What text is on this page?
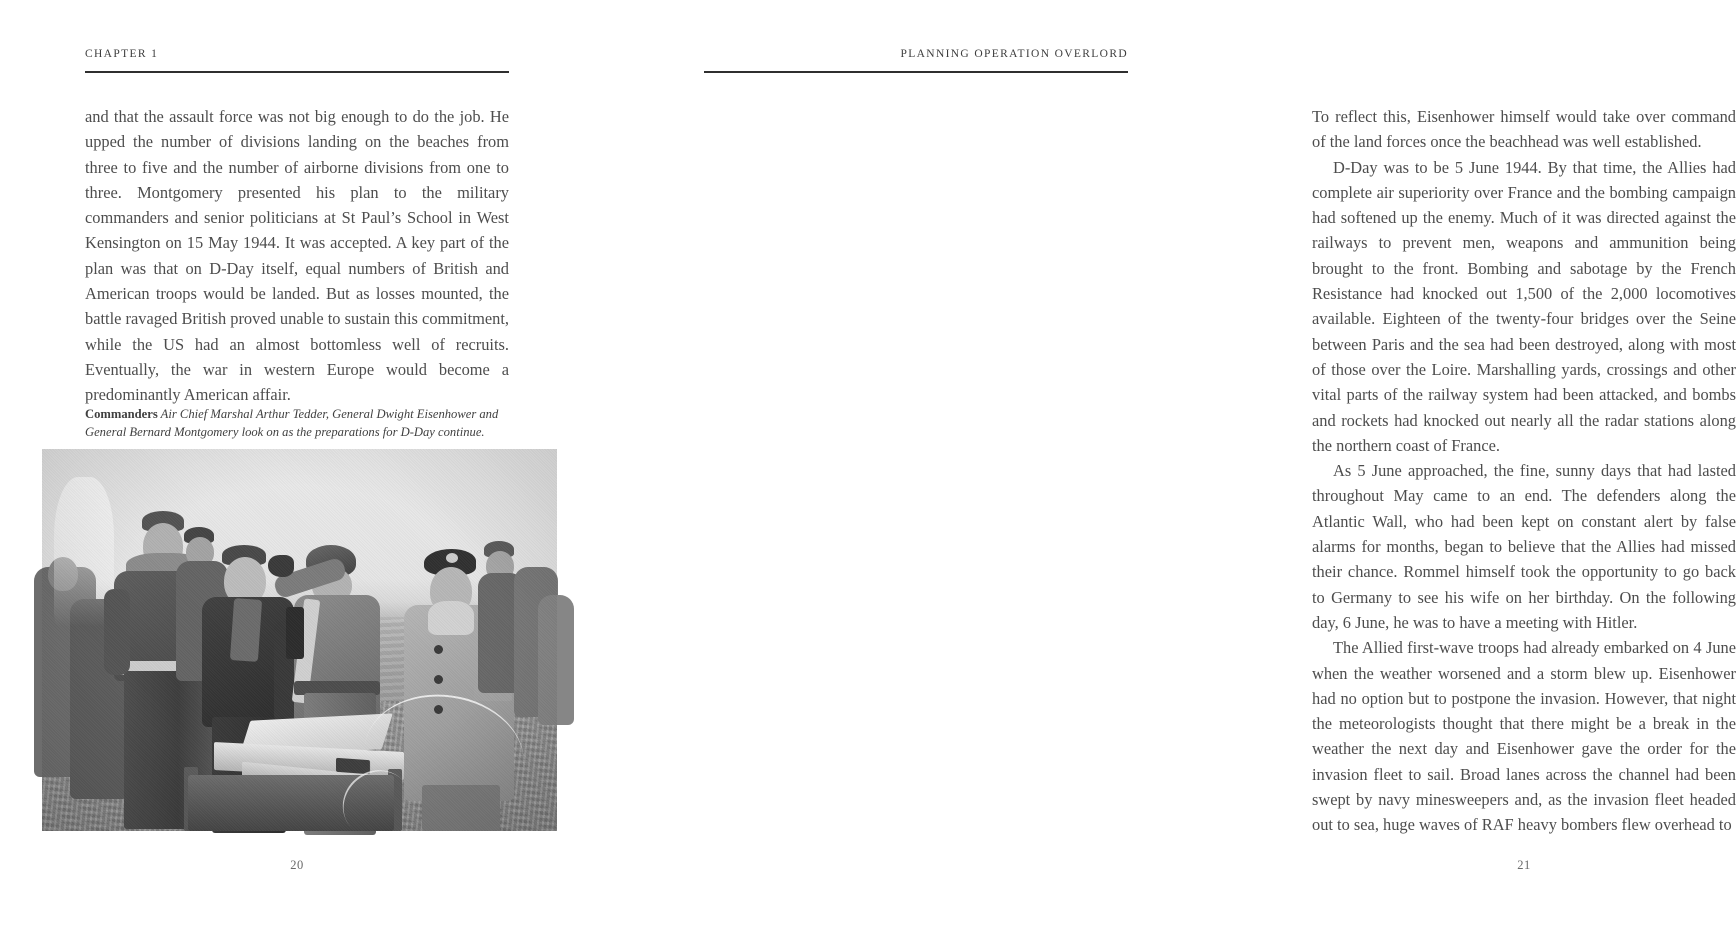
CHAPTER 1

and that the assault force was not big enough to do the job. He upped the number of divisions landing on the beaches from three to five and the number of airborne divisions from one to three. Montgomery presented his plan to the military commanders and senior politicians at St Paul’s School in West Kensington on 15 May 1944. It was accepted. A key part of the plan was that on D-Day itself, equal numbers of British and American troops would be landed. But as losses mounted, the battle ravaged British proved unable to sustain this commitment, while the US had an almost bottomless well of recruits. Eventually, the war in western Europe would become a predominantly American affair.

Commanders Air Chief Marshal Arthur Tedder, General Dwight Eisenhower and General Bernard Montgomery look on as the preparations for D-Day continue.
20
PLANNING OPERATION OVERLORD

To reflect this, Eisenhower himself would take over command of the land forces once the beachhead was well established.

D-Day was to be 5 June 1944. By that time, the Allies had complete air superiority over France and the bombing campaign had softened up the enemy. Much of it was directed against the railways to prevent men, weapons and ammunition being brought to the front. Bombing and sabotage by the French Resistance had knocked out 1,500 of the 2,000 locomotives available. Eighteen of the twenty-four bridges over the Seine between Paris and the sea had been destroyed, along with most of those over the Loire. Marshalling yards, crossings and other vital parts of the railway system had been attacked, and bombs and rockets had knocked out nearly all the radar stations along the northern coast of France.

As 5 June approached, the fine, sunny days that had lasted throughout May came to an end. The defenders along the Atlantic Wall, who had been kept on constant alert by false alarms for months, began to believe that the Allies had missed their chance. Rommel himself took the opportunity to go back to Germany to see his wife on her birthday. On the following day, 6 June, he was to have a meeting with Hitler.

The Allied first-wave troops had already embarked on 4 June when the weather worsened and a storm blew up. Eisenhower had no option but to postpone the invasion. However, that night the meteorologists thought that there might be a break in the weather the next day and Eisenhower gave the order for the invasion fleet to sail. Broad lanes across the channel had been swept by navy minesweepers and, as the invasion fleet headed out to sea, huge waves of RAF heavy bombers flew overhead to

21
